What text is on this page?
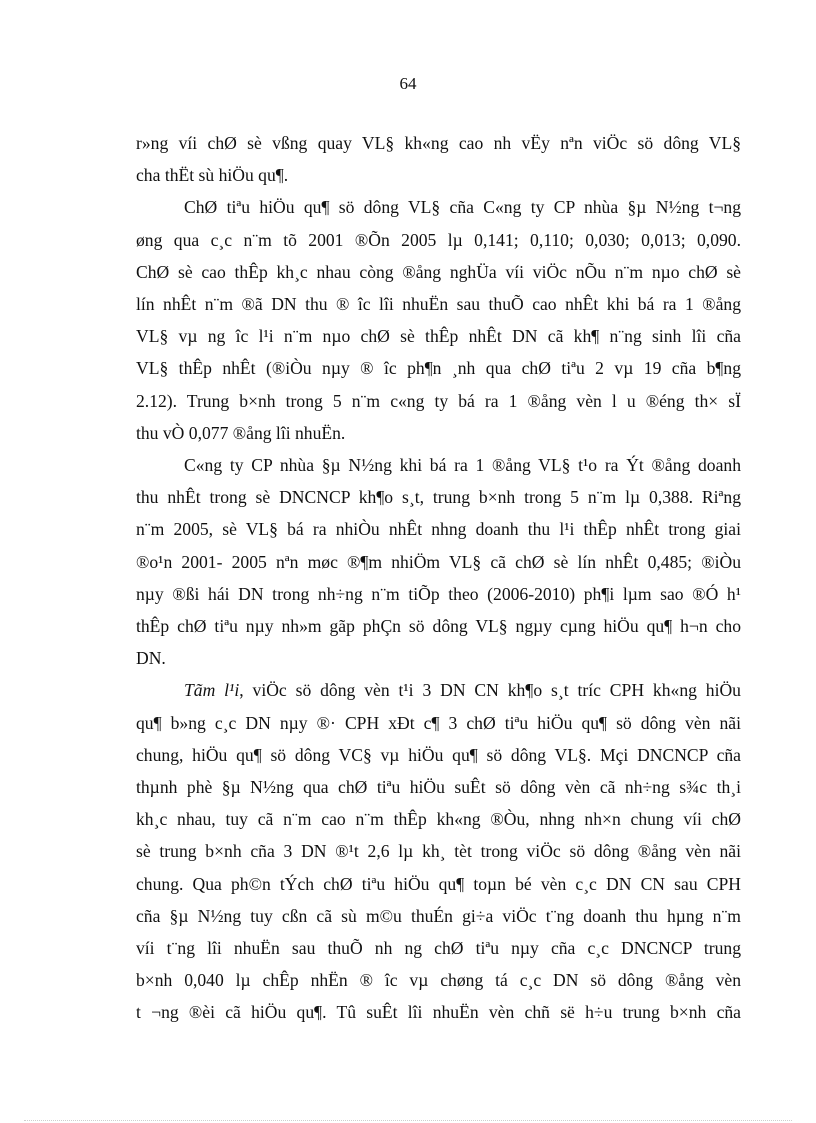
64
r»ng víi chØ sè vßng quay VL§ kh«ng cao nh vËy nªn viÖc sö dông VL§
cha thËt sù hiÖu qu¶.
ChØ tiªu hiÖu qu¶ sö dông VL§ cña C«ng ty CP nhùa §µ N½ng t¬ng
øng qua c¸c n¨m tõ 2001 ®Õn 2005 lµ 0,141; 0,110; 0,030; 0,013; 0,090.
ChØ sè cao thÊp kh¸c nhau còng ®ång nghÜa víi viÖc nÕu n¨m nµo chØ sè
lín nhÊt n¨m ®ã DN thu ® îc lîi nhuËn sau thuÕ cao nhÊt khi bá ra 1 ®ång
VL§ vµ ng îc l¹i n¨m nµo chØ sè thÊp nhÊt DN cã kh¶ n¨ng sinh lîi cña
VL§ thÊp nhÊt (®iÒu nµy ® îc ph¶n ¸nh qua chØ tiªu 2 vµ 19 cña b¶ng
2.12). Trung b×nh trong 5 n¨m c«ng ty bá ra 1 ®ång vèn l u ®éng th× sÏ
thu vÒ 0,077 ®ång lîi nhuËn.
C«ng ty CP nhùa §µ N½ng khi bá ra 1 ®ång VL§ t¹o ra Ýt ®ång doanh
thu nhÊt trong sè DNCNCP kh¶o s¸t, trung b×nh trong 5 n¨m lµ 0,388. Riªng
n¨m 2005, sè VL§ bá ra nhiÒu nhÊt nhng doanh thu l¹i thÊp nhÊt trong giai
®o¹n 2001- 2005 nªn møc ®¶m nhiÖm VL§ cã chØ sè lín nhÊt 0,485; ®iÒu
nµy ®ßi hái DN trong nh÷ng n¨m tiÕp theo (2006-2010) ph¶i lµm sao ®Ó h¹
thÊp chØ tiªu nµy nh»m gãp phÇn sö dông VL§ ngµy cµng hiÖu qu¶ h¬n cho
DN.
Tãm l¹i, viÖc sö dông vèn t¹i 3 DN CN kh¶o s¸t tríc CPH kh«ng hiÖu
qu¶ b»ng c¸c DN nµy ®· CPH xÐt c¶ 3 chØ tiªu hiÖu qu¶ sö dông vèn nãi
chung, hiÖu qu¶ sö dông VC§ vµ hiÖu qu¶ sö dông VL§. Mçi DNCNCP cña
thµnh phè §µ N½ng qua chØ tiªu hiÖu suÊt sö dông vèn cã nh÷ng s¾c th¸i
kh¸c nhau, tuy cã n¨m cao n¨m thÊp kh«ng ®Òu, nhng nh×n chung víi chØ
sè trung b×nh cña 3 DN ®¹t 2,6 lµ kh¸ tèt trong viÖc sö dông ®ång vèn nãi
chung. Qua ph©n tÝch chØ tiªu hiÖu qu¶ toµn bé vèn c¸c DN CN sau CPH
cña §µ N½ng tuy cßn cã sù m©u thuÉn gi÷a viÖc t¨ng doanh thu hµng n¨m
víi t¨ng lîi nhuËn sau thuÕ nh ng chØ tiªu nµy cña c¸c DNCNCP trung
b×nh 0,040 lµ chÊp nhËn ® îc vµ chøng tá c¸c DN sö dông ®ång vèn
t ¬ng ®èi cã hiÖu qu¶. Tû suÊt lîi nhuËn vèn chñ së h÷u trung b×nh cña
